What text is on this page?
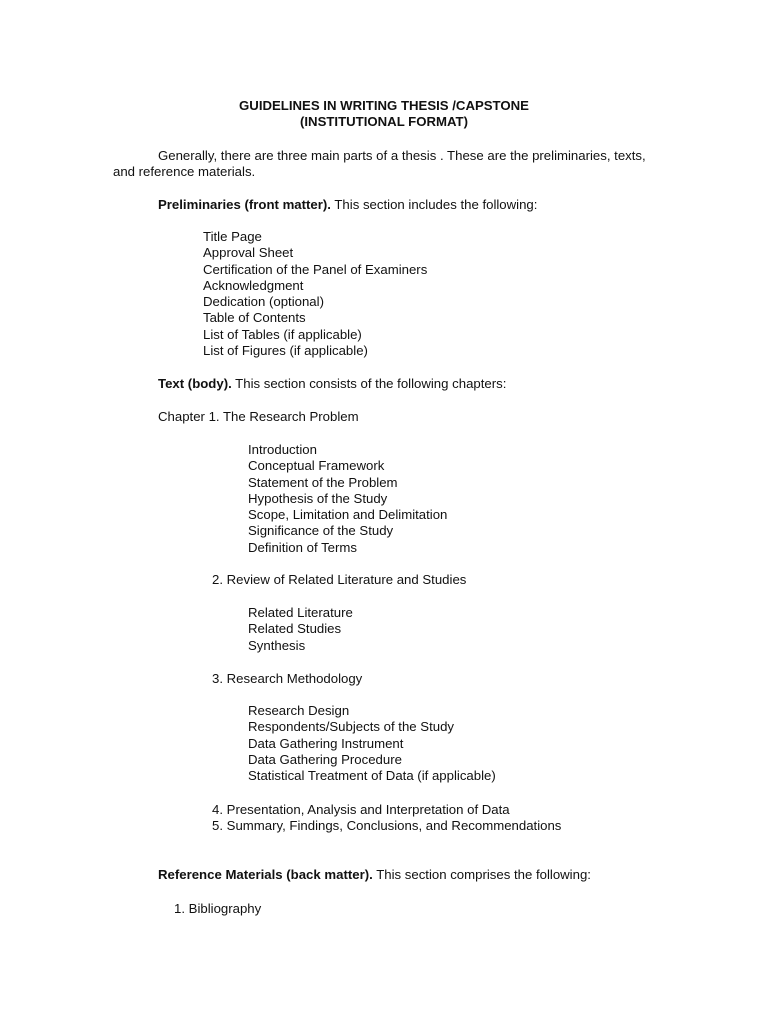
GUIDELINES IN WRITING THESIS /CAPSTONE
(INSTITUTIONAL FORMAT)
Generally, there are three main parts of a thesis . These are the preliminaries, texts,
and reference materials.
Preliminaries (front matter). This section includes the following:
Title Page
Approval Sheet
Certification of the Panel of Examiners
Acknowledgment
Dedication (optional)
Table of Contents
List of Tables (if applicable)
List of Figures (if applicable)
Text (body). This section consists of the following chapters:
Chapter 1. The Research Problem
Introduction
Conceptual Framework
Statement of the Problem
Hypothesis of the Study
Scope, Limitation and Delimitation
Significance of the Study
Definition of Terms
2. Review of Related Literature and Studies
Related Literature
Related Studies
Synthesis
3. Research Methodology
Research Design
Respondents/Subjects of the Study
Data Gathering Instrument
Data Gathering Procedure
Statistical Treatment of Data (if applicable)
4. Presentation, Analysis and Interpretation of Data
5. Summary, Findings, Conclusions, and Recommendations
Reference Materials (back matter). This section comprises the following:
1. Bibliography
